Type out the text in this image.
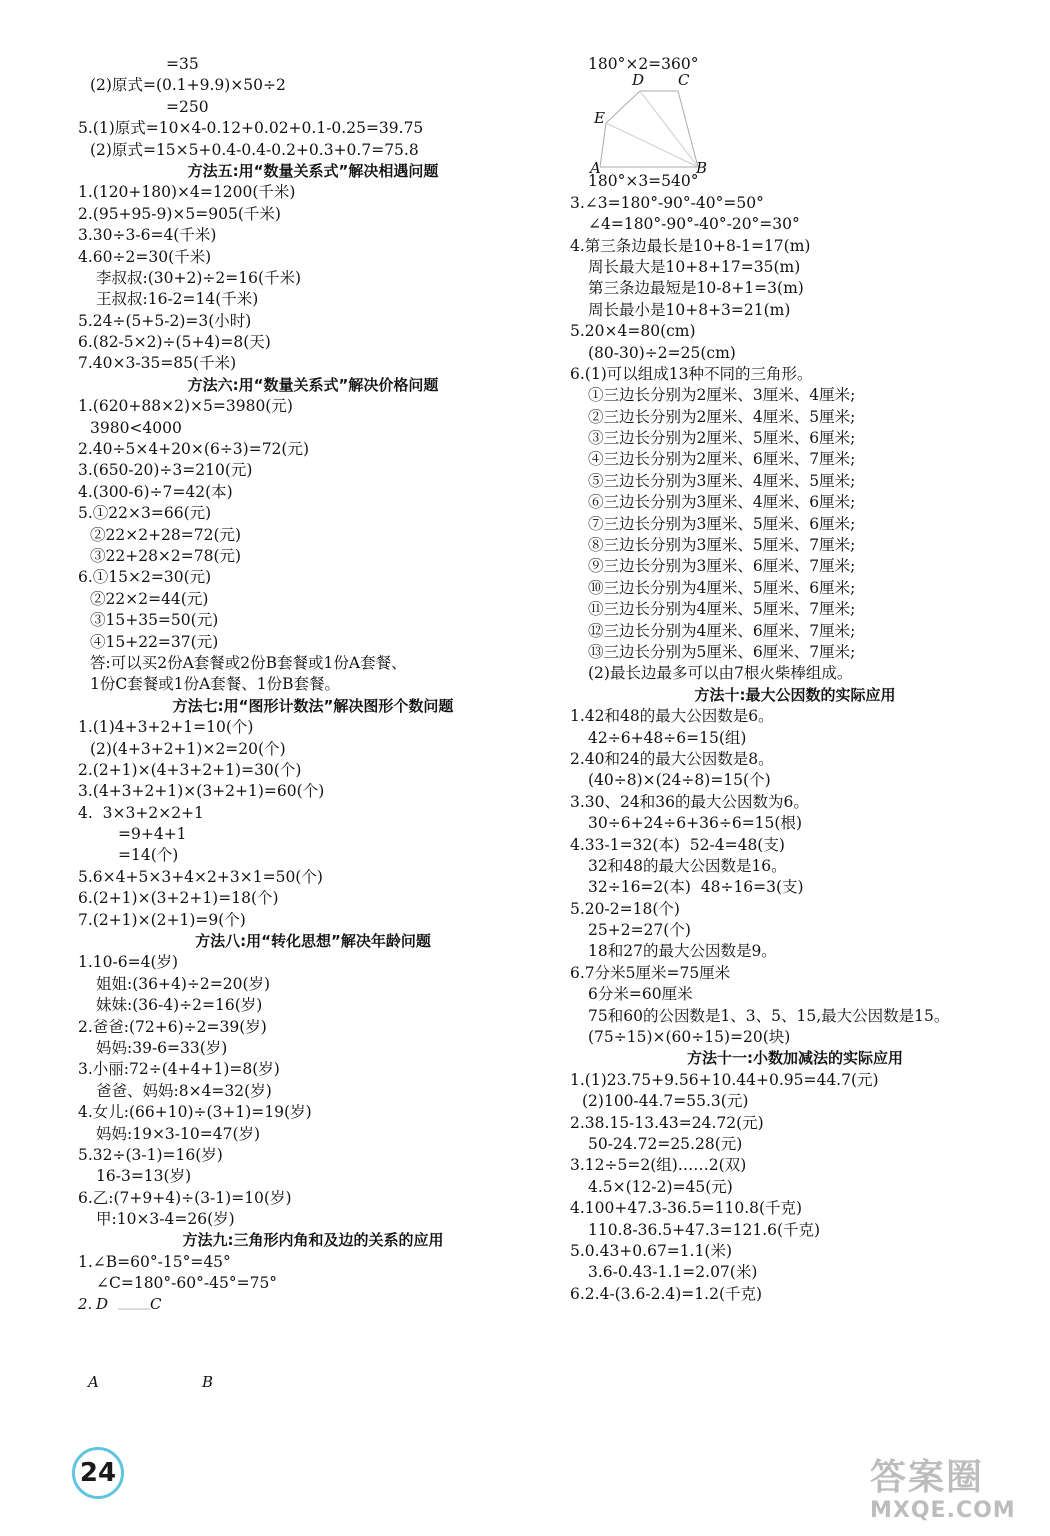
=35
(2)原式=(0.1+9.9)×50÷2
=250
5.(1)原式=10×4-0.12+0.02+0.1-0.25=39.75
(2)原式=15×5+0.4-0.4-0.2+0.3+0.7=75.8
方法五:用“数量关系式”解决相遇问题
1.(120+180)×4=1200(千米)
2.(95+95-9)×5=905(千米)
3.30÷3-6=4(千米)
4.60÷2=30(千米)
李叔叔:(30+2)÷2=16(千米)
王叔叔:16-2=14(千米)
5.24÷(5+5-2)=3(小时)
6.(82-5×2)÷(5+4)=8(天)
7.40×3-35=85(千米)
方法六:用“数量关系式”解决价格问题
1.(620+88×2)×5=3980(元)
3980<4000
2.40÷5×4+20×(6÷3)=72(元)
3.(650-20)÷3=210(元)
4.(300-6)÷7=42(本)
5.①22×3=66(元)
②22×2+28=72(元)
③22+28×2=78(元)
6.①15×2=30(元)
②22×2=44(元)
③15+35=50(元)
④15+22=37(元)
答:可以买2份A套餐或2份B套餐或1份A套餐、
1份C套餐或1份A套餐、1份B套餐。
方法七:用“图形计数法”解决图形个数问题
1.(1)4+3+2+1=10(个)
(2)(4+3+2+1)×2=20(个)
2.(2+1)×(4+3+2+1)=30(个)
3.(4+3+2+1)×(3+2+1)=60(个)
4.  3×3+2×2+1
=9+4+1
=14(个)
5.6×4+5×3+4×2+3×1=50(个)
6.(2+1)×(3+2+1)=18(个)
7.(2+1)×(2+1)=9(个)
方法八:用“转化思想”解决年龄问题
1.10-6=4(岁)
姐姐:(36+4)÷2=20(岁)
妹妹:(36-4)÷2=16(岁)
2.爸爸:(72+6)÷2=39(岁)
妈妈:39-6=33(岁)
3.小丽:72÷(4+4+1)=8(岁)
爸爸、妈妈:8×4=32(岁)
4.女儿:(66+10)÷(3+1)=19(岁)
妈妈:19×3-10=47(岁)
5.32÷(3-1)=16(岁)
16-3=13(岁)
6.乙:(7+9+4)÷(3-1)=10(岁)
甲:10×3-4=26(岁)
方法九:三角形内角和及边的关系的应用
1.∠B=60°-15°=45°
∠C=180°-60°-45°=75°
2. D	C
A	B
180°×2=360°
D C
E
A	B
180°×3=540°
3.∠3=180°-90°-40°=50°
∠4=180°-90°-40°-20°=30°
4.第三条边最长是10+8-1=17(m)
周长最大是10+8+17=35(m)
第三条边最短是10-8+1=3(m)
周长最小是10+8+3=21(m)
5.20×4=80(cm)
(80-30)÷2=25(cm)
6.(1)可以组成13种不同的三角形。
①三边长分别为2厘米、3厘米、4厘米;
②三边长分别为2厘米、4厘米、5厘米;
③三边长分别为2厘米、5厘米、6厘米;
④三边长分别为2厘米、6厘米、7厘米;
⑤三边长分别为3厘米、4厘米、5厘米;
⑥三边长分别为3厘米、4厘米、6厘米;
⑦三边长分别为3厘米、5厘米、6厘米;
⑧三边长分别为3厘米、5厘米、7厘米;
⑨三边长分别为3厘米、6厘米、7厘米;
⑩三边长分别为4厘米、5厘米、6厘米;
⑪三边长分别为4厘米、5厘米、7厘米;
⑫三边长分别为4厘米、6厘米、7厘米;
⑬三边长分别为5厘米、6厘米、7厘米;
(2)最长边最多可以由7根火柴棒组成。
方法十:最大公因数的实际应用
1.42和48的最大公因数是6。
42÷6+48÷6=15(组)
2.40和24的最大公因数是8。
(40÷8)×(24÷8)=15(个)
3.30、24和36的最大公因数为6。
30÷6+24÷6+36÷6=15(根)
4.33-1=32(本)  52-4=48(支)
32和48的最大公因数是16。
32÷16=2(本)  48÷16=3(支)
5.20-2=18(个)
25+2=27(个)
18和27的最大公因数是9。
6.7分米5厘米=75厘米
6分米=60厘米
75和60的公因数是1、3、5、15,最大公因数是15。
(75÷15)×(60÷15)=20(块)
方法十一:小数加减法的实际应用
1.(1)23.75+9.56+10.44+0.95=44.7(元)
(2)100-44.7=55.3(元)
2.38.15-13.43=24.72(元)
50-24.72=25.28(元)
3.12÷5=2(组)……2(双)
4.5×(12-2)=45(元)
4.100+47.3-36.5=110.8(千克)
110.8-36.5+47.3=121.6(千克)
5.0.43+0.67=1.1(米)
3.6-0.43-1.1=2.07(米)
6.2.4-(3.6-2.4)=1.2(千克)
24	答案圈
MXQE.COM
